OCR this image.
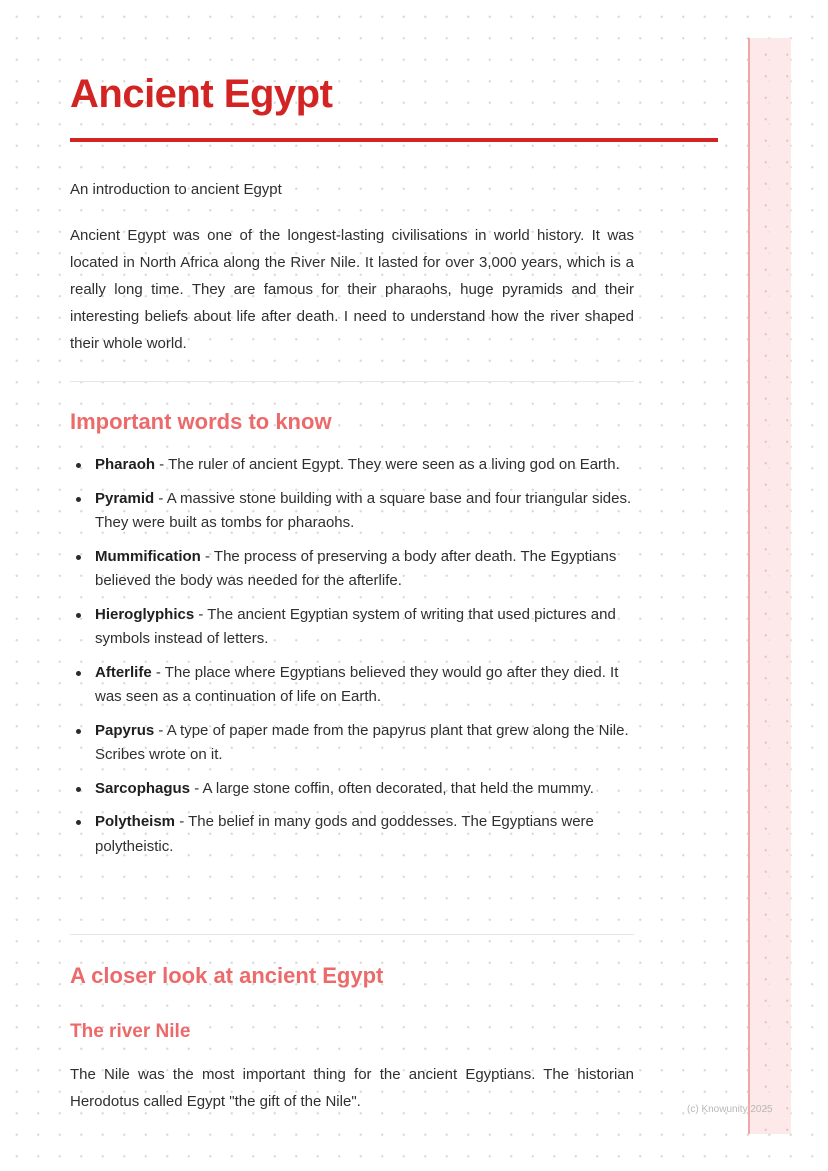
Ancient Egypt

An introduction to ancient Egypt

Ancient Egypt was one of the longest-lasting civilisations in world history. It was located in North Africa along the River Nile. It lasted for over 3,000 years, which is a really long time. They are famous for their pharaohs, huge pyramids and their interesting beliefs about life after death. I need to understand how the river shaped their whole world.

Important words to know
Pharaoh - The ruler of ancient Egypt. They were seen as a living god on Earth.
Pyramid - A massive stone building with a square base and four triangular sides. They were built as tombs for pharaohs.
Mummification - The process of preserving a body after death. The Egyptians believed the body was needed for the afterlife.
Hieroglyphics - The ancient Egyptian system of writing that used pictures and symbols instead of letters.
Afterlife - The place where Egyptians believed they would go after they died. It was seen as a continuation of life on Earth.
Papyrus - A type of paper made from the papyrus plant that grew along the Nile. Scribes wrote on it.
Sarcophagus - A large stone coffin, often decorated, that held the mummy.
Polytheism - The belief in many gods and goddesses. The Egyptians were polytheistic.
A closer look at ancient Egypt
The river Nile

The Nile was the most important thing for the ancient Egyptians. The historian Herodotus called Egypt "the gift of the Nile".	(c) Knowunity 2025
